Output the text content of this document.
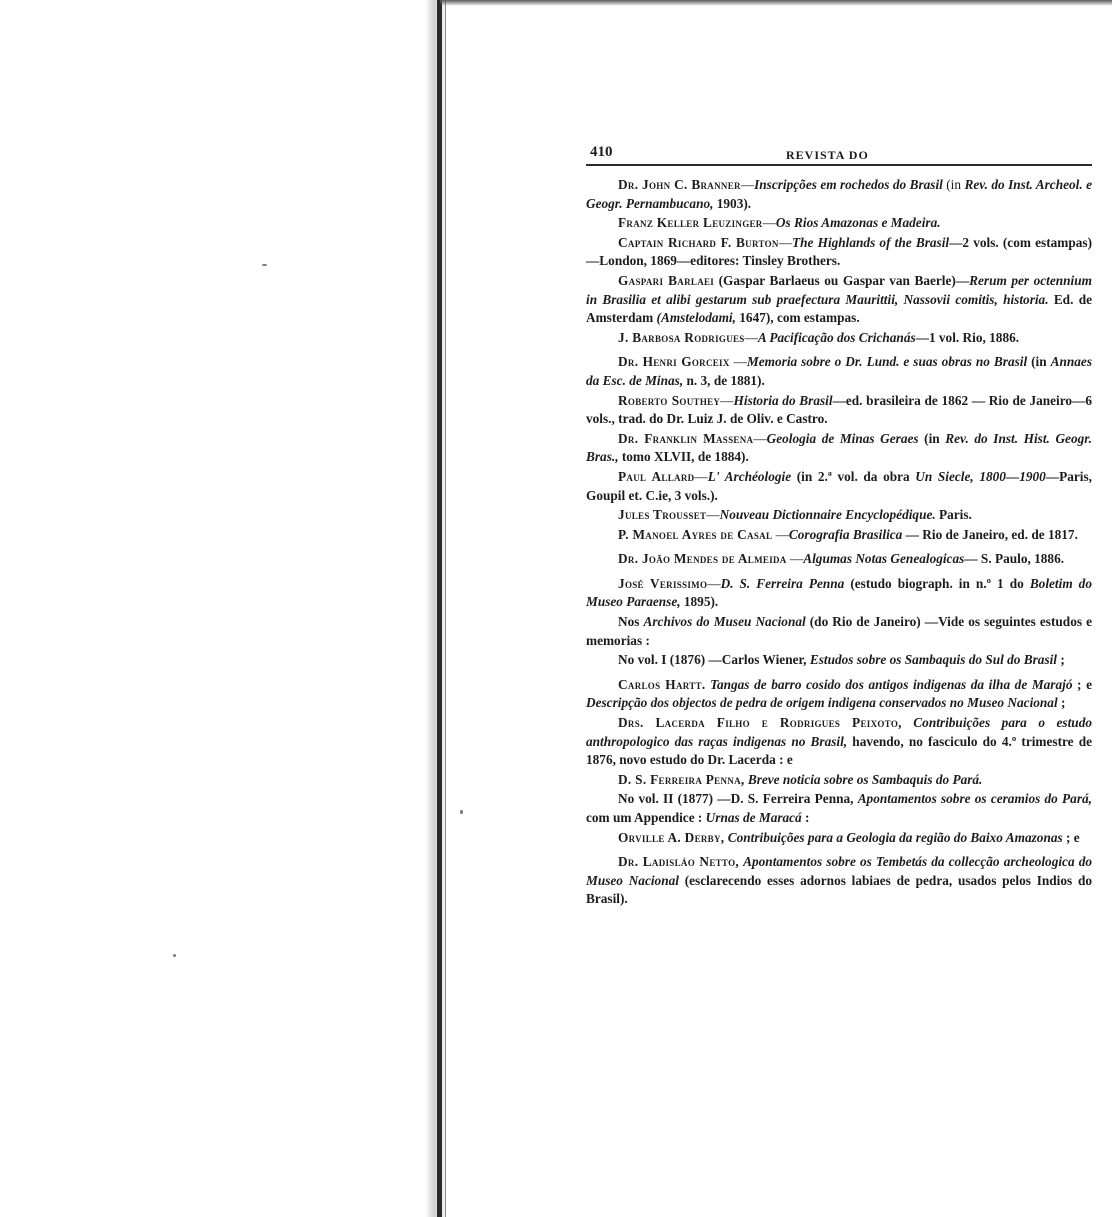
410	REVISTA DO

Dr. John C. Branner—Inscripções em rochedos do Brasil (in Rev. do Inst. Archeol. e Geogr. Pernambucano, 1903).

Franz Keller Leuzinger—Os Rios Amazonas e Madeira.

Captain Richard F. Burton—The Highlands of the Brasil—2 vols. (com estampas)—London, 1869—editores: Tinsley Brothers.

Gaspari Barlaei (Gaspar Barlaeus ou Gaspar van Baerle)—Rerum per octennium in Brasilia et alibi gestarum sub praefectura Maurittii, Nassovii comitis, historia. Ed. de Amsterdam (Amstelodami, 1647), com estampas.

J. Barbosa Rodrigues—A Pacificação dos Crichanás—1 vol. Rio, 1886.

Dr. Henri Gorceix —Memoria sobre o Dr. Lund. e suas obras no Brasil (in Annaes da Esc. de Minas, n. 3, de 1881).

Roberto Southey—Historia do Brasil—ed. brasileira de 1862 — Rio de Janeiro—6 vols., trad. do Dr. Luiz J. de Oliv. e Castro.

Dr. Franklin Massena—Geologia de Minas Geraes (in Rev. do Inst. Hist. Geogr. Bras., tomo XLVII, de 1884).

Paul Allard—L' Archéologie (in 2.ª vol. da obra Un Siecle, 1800—1900—Paris, Goupil et. C.ie, 3 vols.).

Jules Trousset—Nouveau Dictionnaire Encyclopédique. Paris.

P. Manoel Ayres de Casal —Corografia Brasilica — Rio de Janeiro, ed. de 1817.

Dr. João Mendes de Almeida —Algumas Notas Genealogicas— S. Paulo, 1886.

José Verissimo—D. S. Ferreira Penna (estudo biograph. in n.º 1 do Boletim do Museo Paraense, 1895).

Nos Archivos do Museu Nacional (do Rio de Janeiro) —Vide os seguintes estudos e memorias :

No vol. I (1876) —Carlos Wiener, Estudos sobre os Sambaquis do Sul do Brasil ;

Carlos Hartt. Tangas de barro cosido dos antigos indigenas da ilha de Marajó ; e Descripção dos objectos de pedra de origem indigena conservados no Museo Nacional ;

Drs. Lacerda Filho e Rodrigues Peixoto, Contribuições para o estudo anthropologico das raças indigenas no Brasil, havendo, no fasciculo do 4.º trimestre de 1876, novo estudo do Dr. Lacerda : e

D. S. Ferreira Penna, Breve noticia sobre os Sambaquis do Pará.

No vol. II (1877) —D. S. Ferreira Penna, Apontamentos sobre os ceramios do Pará, com um Appendice : Urnas de Maracá :

Orville A. Derby, Contribuições para a Geologia da região do Baixo Amazonas ; e

Dr. Ladisláo Netto, Apontamentos sobre os Tembetás da collecção archeologica do Museo Nacional (esclarecendo esses adornos labiaes de pedra, usados pelos Indios do Brasil).
